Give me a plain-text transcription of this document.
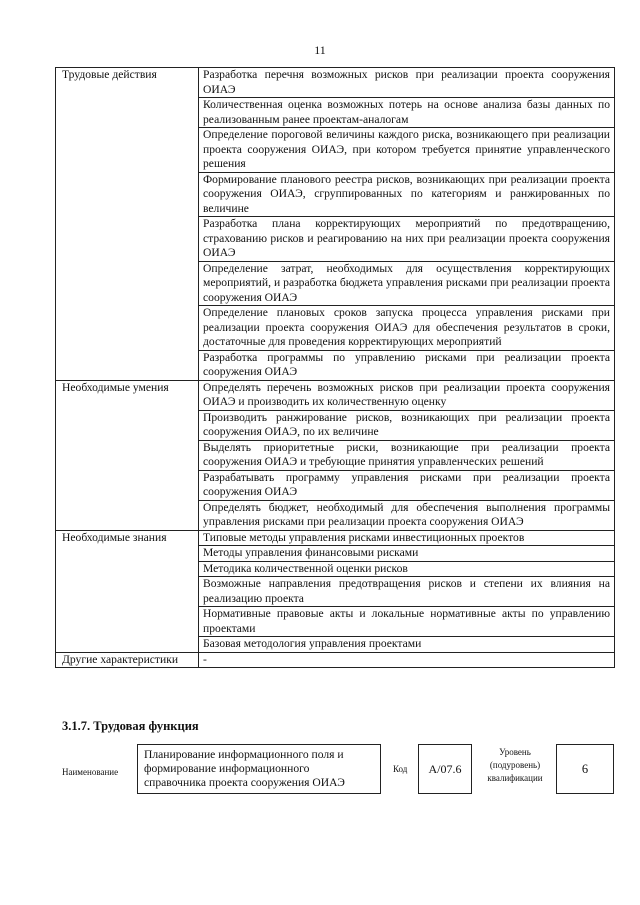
11
Трудовые действия	Разработка перечня возможных рисков при реализации проекта сооружения ОИАЭ
	Количественная оценка возможных потерь на основе анализа базы данных по реализованным ранее проектам-аналогам
	Определение пороговой величины каждого риска, возникающего при реализации проекта сооружения ОИАЭ, при котором требуется принятие управленческого решения
	Формирование планового реестра рисков, возникающих при реализации проекта сооружения ОИАЭ, сгруппированных по категориям и ранжированных по величине
	Разработка плана корректирующих мероприятий по предотвращению, страхованию рисков и реагированию на них при реализации проекта сооружения ОИАЭ
	Определение затрат, необходимых для осуществления корректирующих мероприятий, и разработка бюджета управления рисками при реализации проекта сооружения ОИАЭ
	Определение плановых сроков запуска процесса управления рисками при реализации проекта сооружения ОИАЭ для обеспечения результатов в сроки, достаточные для проведения корректирующих мероприятий
	Разработка программы по управлению рисками при реализации проекта сооружения ОИАЭ
Необходимые умения	Определять перечень возможных рисков при реализации проекта сооружения ОИАЭ и производить их количественную оценку
	Производить ранжирование рисков, возникающих при реализации проекта сооружения ОИАЭ, по их величине
	Выделять приоритетные риски, возникающие при реализации проекта сооружения ОИАЭ и требующие принятия управленческих решений
	Разрабатывать программу управления рисками при реализации проекта сооружения ОИАЭ
	Определять бюджет, необходимый для обеспечения выполнения программы управления рисками при реализации проекта сооружения ОИАЭ
Необходимые знания	Типовые методы управления рисками инвестиционных проектов
	Методы управления финансовыми рисками
	Методика количественной оценки рисков
	Возможные направления предотвращения рисков и степени их влияния на реализацию проекта
	Нормативные правовые акты и локальные нормативные акты по управлению проектами
	Базовая методология управления проектами
Другие характеристики	-
3.1.7. Трудовая функция
Наименование
Планирование информационного поля и формирование информационного справочника проекта сооружения ОИАЭ
Код	A/07.6
Уровень (подуровень) квалификации
6
